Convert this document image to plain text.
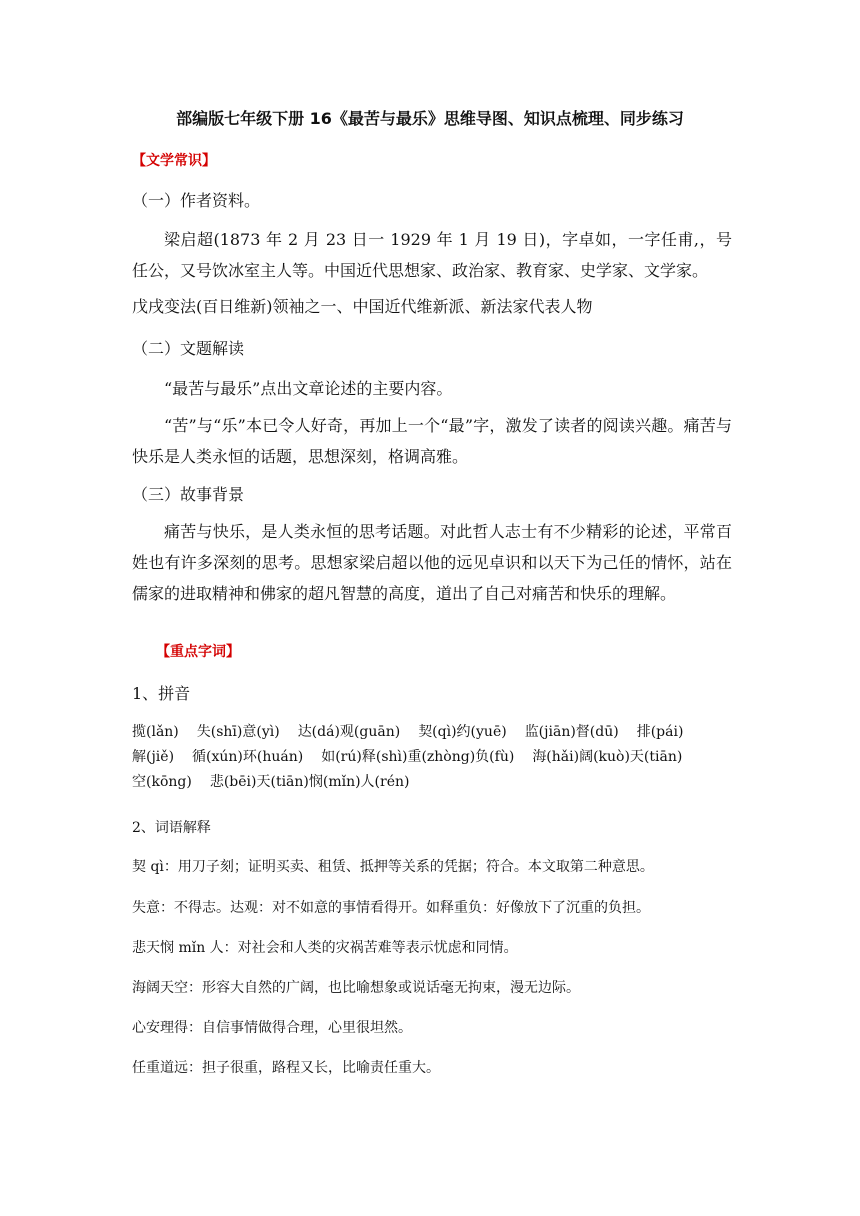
部编版七年级下册 16《最苦与最乐》思维导图、知识点梳理、同步练习
【文学常识】
（一）作者资料。
梁启超(1873 年 2 月 23 日一 1929 年 1 月 19 日)，字卓如，一字任甫,，号任公，又号饮冰室主人等。中国近代思想家、政治家、教育家、史学家、文学家。
戊戌变法(百日维新)领袖之一、中国近代维新派、新法家代表人物
（二）文题解读
“最苦与最乐”点出文章论述的主要内容。
“苦”与“乐”本已令人好奇，再加上一个“最”字，激发了读者的阅读兴趣。痛苦与快乐是人类永恒的话题，思想深刻，格调高雅。
（三）故事背景
痛苦与快乐，是人类永恒的思考话题。对此哲人志士有不少精彩的论述，平常百姓也有许多深刻的思考。思想家梁启超以他的远见卓识和以天下为己任的情怀，站在儒家的进取精神和佛家的超凡智慧的高度，道出了自己对痛苦和快乐的理解。
【重点字词】
1、拼音
揽(lǎn) 失(shī)意(yì) 达(dá)观(guān) 契(qì)约(yuē) 监(jiān)督(dū) 排(pái)
解(jiě) 循(xún)环(huán) 如(rú)释(shì)重(zhòng)负(fù) 海(hǎi)阔(kuò)天(tiān)
空(kōng) 悲(bēi)天(tiān)悯(mǐn)人(rén)
2、词语解释
契 qì：用刀子刻；证明买卖、租赁、抵押等关系的凭据；符合。本文取第二种意思。
失意：不得志。达观：对不如意的事情看得开。如释重负：好像放下了沉重的负担。
悲天悯 mǐn 人：对社会和人类的灾祸苦难等表示忧虑和同情。
海阔天空：形容大自然的广阔，也比喻想象或说话毫无拘束，漫无边际。
心安理得：自信事情做得合理，心里很坦然。
任重道远：担子很重，路程又长，比喻责任重大。
